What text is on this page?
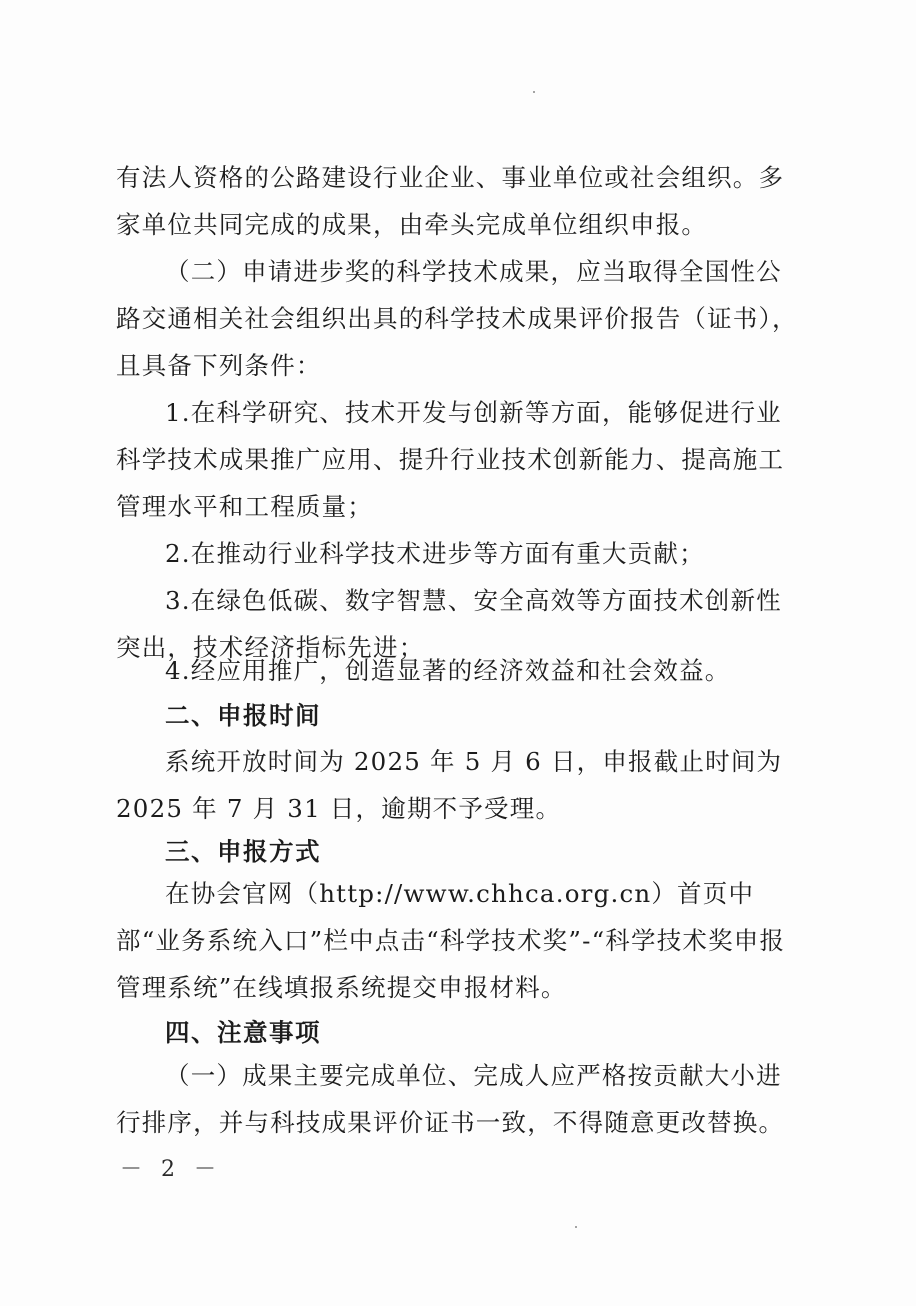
有法人资格的公路建设行业企业、事业单位或社会组织。多家单位共同完成的成果，由牵头完成单位组织申报。

（二）申请进步奖的科学技术成果，应当取得全国性公路交通相关社会组织出具的科学技术成果评价报告（证书），且具备下列条件：

1.在科学研究、技术开发与创新等方面，能够促进行业科学技术成果推广应用、提升行业技术创新能力、提高施工管理水平和工程质量；

2.在推动行业科学技术进步等方面有重大贡献；

3.在绿色低碳、数字智慧、安全高效等方面技术创新性突出，技术经济指标先进；

4.经应用推广，创造显著的经济效益和社会效益。

二、申报时间

系统开放时间为 2025 年 5 月 6 日，申报截止时间为 2025 年 7 月 31 日，逾期不予受理。

三、申报方式

在协会官网（http://www.chhca.org.cn）首页中部“业务系统入口”栏中点击“科学技术奖”-“科学技术奖申报管理系统”在线填报系统提交申报材料。

四、注意事项

（一）成果主要完成单位、完成人应严格按贡献大小进行排序，并与科技成果评价证书一致，不得随意更改替换。

－ 2 －
